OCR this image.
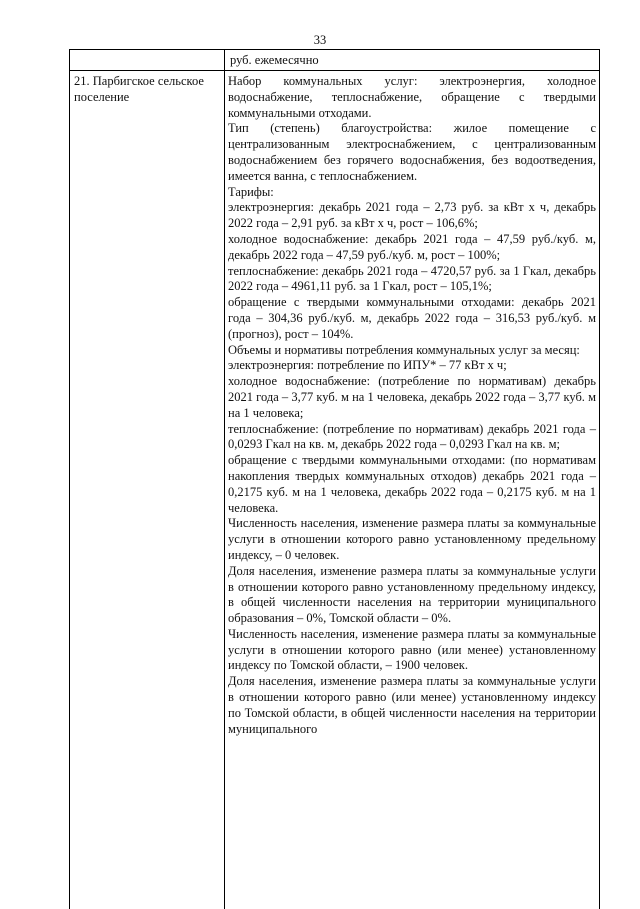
33
руб. ежемесячно
21. Парбигское сельское поселение

Набор коммунальных услуг: электроэнергия, холодное водоснабжение, теплоснабжение, обращение с твердыми коммунальными отходами.

Тип (степень) благоустройства: жилое помещение с централизованным электроснабжением, с централизованным водоснабжением без горячего водоснабжения, без водоотведения, имеется ванна, с теплоснабжением.

Тарифы:

электроэнергия: декабрь 2021 года – 2,73 руб. за кВт х ч, декабрь 2022 года – 2,91 руб. за кВт х ч, рост – 106,6%;

холодное водоснабжение: декабрь 2021 года – 47,59 руб./куб. м, декабрь 2022 года – 47,59 руб./куб. м, рост – 100%;

теплоснабжение: декабрь 2021 года – 4720,57 руб. за 1 Гкал, декабрь 2022 года – 4961,11 руб. за 1 Гкал, рост – 105,1%;

обращение с твердыми коммунальными отходами: декабрь 2021 года – 304,36 руб./куб. м, декабрь 2022 года – 316,53 руб./куб. м (прогноз), рост – 104%.

Объемы и нормативы потребления коммунальных услуг за месяц:

электроэнергия: потребление по ИПУ* – 77 кВт х ч;

холодное водоснабжение: (потребление по нормативам) декабрь 2021 года – 3,77 куб. м на 1 человека, декабрь 2022 года – 3,77 куб. м на 1 человека;

теплоснабжение: (потребление по нормативам) декабрь 2021 года – 0,0293 Гкал на кв. м, декабрь 2022 года – 0,0293 Гкал на кв. м;

обращение с твердыми коммунальными отходами: (по нормативам накопления твердых коммунальных отходов) декабрь 2021 года – 0,2175 куб. м на 1 человека, декабрь 2022 года – 0,2175 куб. м на 1 человека.

Численность населения, изменение размера платы за коммунальные услуги в отношении которого равно установленному предельному индексу, – 0 человек.

Доля населения, изменение размера платы за коммунальные услуги в отношении которого равно установленному предельному индексу, в общей численности населения на территории муниципального образования – 0%, Томской области – 0%.

Численность населения, изменение размера платы за коммунальные услуги в отношении которого равно (или менее) установленному индексу по Томской области, – 1900 человек.

Доля населения, изменение размера платы за коммунальные услуги в отношении которого равно (или менее) установленному индексу по Томской области, в общей численности населения на территории муниципального
